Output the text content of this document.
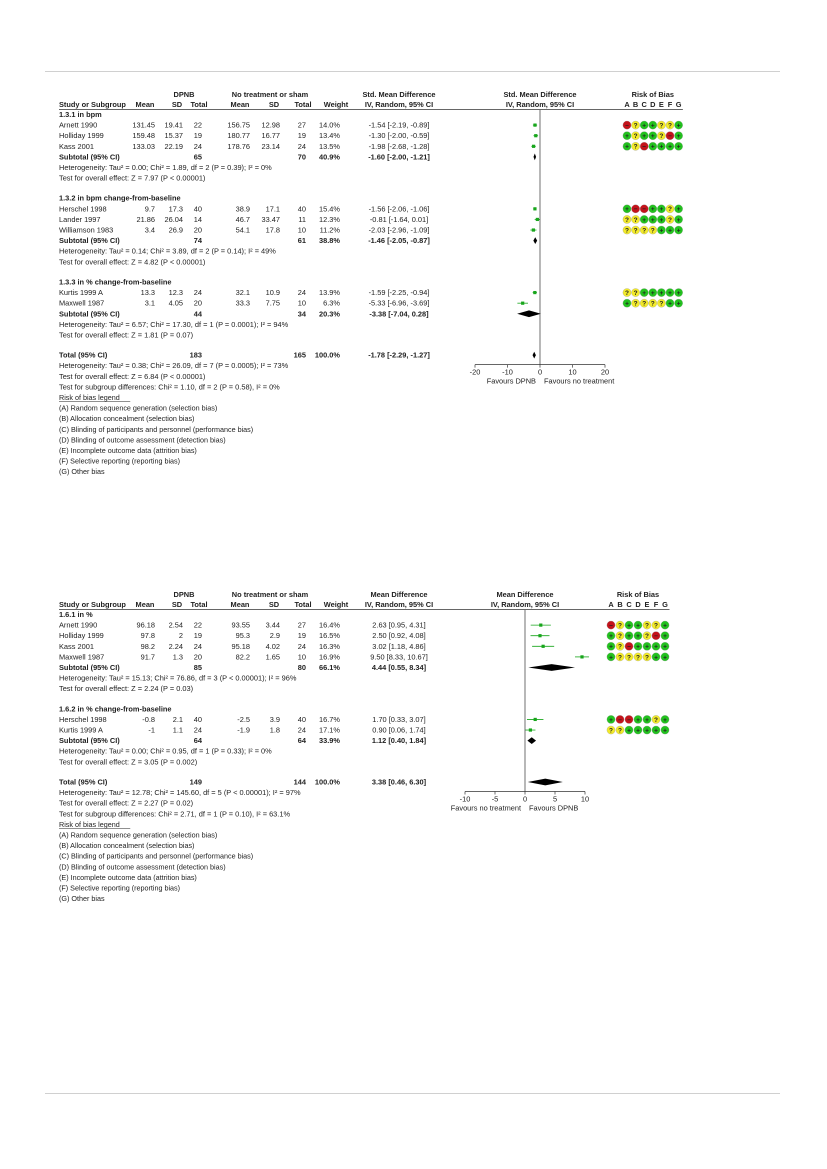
DPNB	No treatment or sham	Std. Mean Difference	Std. Mean Difference	Risk of Bias
Study or Subgroup Mean SD Total	Mean	SD Total Weight IV, Random, 95% CI	IV, Random, 95% CI	A B C D E F G
1.3.1 in bpm
Arnett 1990	131.45 19.41 22	156.75 12.98 27 14.0%	-1.54 [-2.19, -0.89]	− ? + + ? ? +
Holliday 1999	159.48 15.37 19	180.77 16.77 19 13.4%	-1.30 [-2.00, -0.59]	+ ? + + ? − +
Kass 2001	133.03 22.19 24	178.76 23.14 24 13.5%	-1.98 [-2.68, -1.28]	+ ? − + + + +
Subtotal (95% CI)	65	70 40.9%	-1.60 [-2.00, -1.21]
Heterogeneity: Tau² = 0.00; Chi² = 1.89, df = 2 (P = 0.39); I² = 0%
Test for overall effect: Z = 7.97 (P < 0.00001)
1.3.2 in bpm change-from-baseline
Herschel 1998	9.7 17.3 40	38.9 17.1 40 15.4%	-1.56 [-2.06, -1.06]	+ − − + + ? +
Lander 1997	21.86 26.04 14	46.7 33.47 11 12.3%	-0.81 [-1.64, 0.01]	? ? + + + ? +
Williamson 1983	3.4 26.9 20	54.1 17.8 10 11.2%	-2.03 [-2.96, -1.09]	? ? ? ? + + +
Subtotal (95% CI)	74	61 38.8%	-1.46 [-2.05, -0.87]
Heterogeneity: Tau² = 0.14; Chi² = 3.89, df = 2 (P = 0.14); I² = 49%
Test for overall effect: Z = 4.82 (P < 0.00001)
1.3.3 in % change-from-baseline
Kurtis 1999 A	13.3 12.3 24	32.1 10.9 24 13.9%	-1.59 [-2.25, -0.94]	? ? + + + + +
Maxwell 1987	3.1 4.05 20	33.3 7.75 10 6.3%	-5.33 [-6.96, -3.69]	+ ? ? ? ? + +
Subtotal (95% CI)	44	34 20.3%	-3.38 [-7.04, 0.28]
Heterogeneity: Tau² = 6.57; Chi² = 17.30, df = 1 (P = 0.0001); I² = 94%
Test for overall effect: Z = 1.81 (P = 0.07)
Total (95% CI)	183	165 100.0%	-1.78 [-2.29, -1.27]
-20	-10	0	10	20
Favours DPNB Favours no treatment
Heterogeneity: Tau² = 0.38; Chi² = 26.09, df = 7 (P = 0.0005); I² = 73%
Test for overall effect: Z = 6.84 (P < 0.00001)
Test for subgroup differences: Chi² = 1.10, df = 2 (P = 0.58), I² = 0%
Risk of bias legend
(A) Random sequence generation (selection bias)
(B) Allocation concealment (selection bias)
(C) Blinding of participants and personnel (performance bias)
(D) Blinding of outcome assessment (detection bias)
(E) Incomplete outcome data (attrition bias)
(F) Selective reporting (reporting bias)
(G) Other bias
DPNB	No treatment or sham	Mean Difference	Mean Difference	Risk of Bias
Study or Subgroup Mean SD Total	Mean	SD Total Weight IV, Random, 95% CI	IV, Random, 95% CI	A B C D E F G
1.6.1 in %
Arnett 1990	96.18 2.54 22	93.55 3.44 27 16.4%	2.63 [0.95, 4.31]	− ? + + ? ? +
Holliday 1999	97.8	2 19	95.3	2.9 19 16.5%	2.50 [0.92, 4.08]	+ ? + + ? − +
Kass 2001	98.2 2.24 24	95.18 4.02 24 16.3%	3.02 [1.18, 4.86]	+ ? − + + + +
Maxwell 1987	91.7 1.3 20	82.2 1.65 10 16.9%	9.50 [8.33, 10.67]	+ ? ? ? ? + +
Subtotal (95% CI)	85	80 66.1%	4.44 [0.55, 8.34]
Heterogeneity: Tau² = 15.13; Chi² = 76.86, df = 3 (P < 0.00001); I² = 96%
Test for overall effect: Z = 2.24 (P = 0.03)
1.6.2 in % change-from-baseline
Herschel 1998	-0.8 2.1 40	-2.5	3.9 40 16.7%	1.70 [0.33, 3.07]	+ − − + + ? +
Kurtis 1999 A	-1 1.1 24	-1.9	1.8 24 17.1%	0.90 [0.06, 1.74]	? ? + + + + +
Subtotal (95% CI)	64	64 33.9%	1.12 [0.40, 1.84]
Heterogeneity: Tau² = 0.00; Chi² = 0.95, df = 1 (P = 0.33); I² = 0%
Test for overall effect: Z = 3.05 (P = 0.002)
Total (95% CI)	149	144 100.0%	3.38 [0.46, 6.30]
-10	-5	0	5	10
Favours no treatment Favours DPNB
Heterogeneity: Tau² = 12.78; Chi² = 145.60, df = 5 (P < 0.00001); I² = 97%
Test for overall effect: Z = 2.27 (P = 0.02)
Test for subgroup differences: Chi² = 2.71, df = 1 (P = 0.10), I² = 63.1%
Risk of bias legend
(A) Random sequence generation (selection bias)
(B) Allocation concealment (selection bias)
(C) Blinding of participants and personnel (performance bias)
(D) Blinding of outcome assessment (detection bias)
(E) Incomplete outcome data (attrition bias)
(F) Selective reporting (reporting bias)
(G) Other bias
